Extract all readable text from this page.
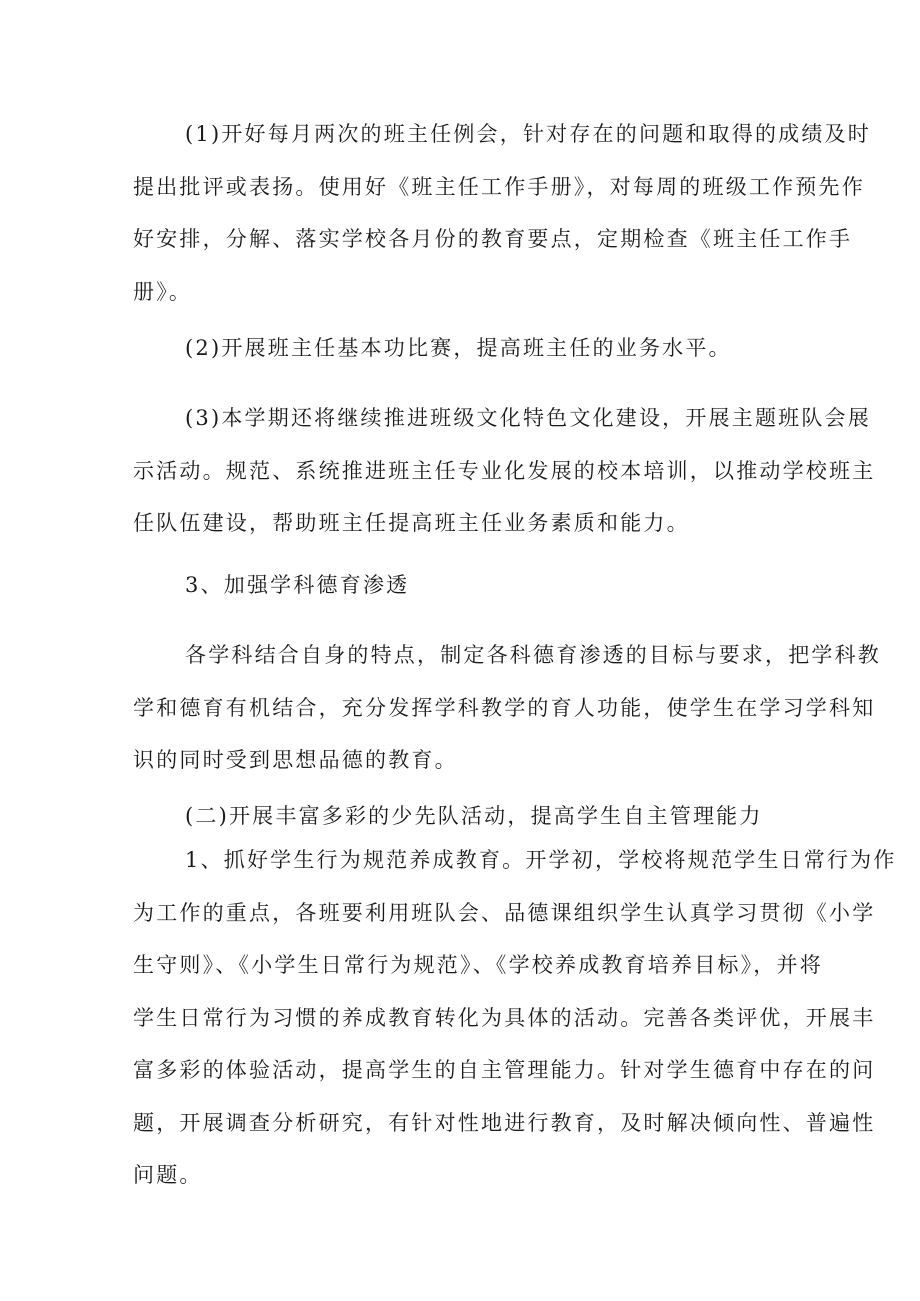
(1)开好每月两次的班主任例会，针对存在的问题和取得的成绩及时
提出批评或表扬。使用好《班主任工作手册》，对每周的班级工作预先作
好安排，分解、落实学校各月份的教育要点，定期检查《班主任工作手
册》。

(2)开展班主任基本功比赛，提高班主任的业务水平。

(3)本学期还将继续推进班级文化特色文化建设，开展主题班队会展
示活动。规范、系统推进班主任专业化发展的校本培训，以推动学校班主
任队伍建设，帮助班主任提高班主任业务素质和能力。

3、加强学科德育渗透

各学科结合自身的特点，制定各科德育渗透的目标与要求，把学科教
学和德育有机结合，充分发挥学科教学的育人功能，使学生在学习学科知
识的同时受到思想品德的教育。

(二)开展丰富多彩的少先队活动，提高学生自主管理能力

1、抓好学生行为规范养成教育。开学初，学校将规范学生日常行为作
为工作的重点，各班要利用班队会、品德课组织学生认真学习贯彻《小学
生守则》、《小学生日常行为规范》、《学校养成教育培养目标》，并将
学生日常行为习惯的养成教育转化为具体的活动。完善各类评优，开展丰
富多彩的体验活动，提高学生的自主管理能力。针对学生德育中存在的问
题，开展调查分析研究，有针对性地进行教育，及时解决倾向性、普遍性
问题。
